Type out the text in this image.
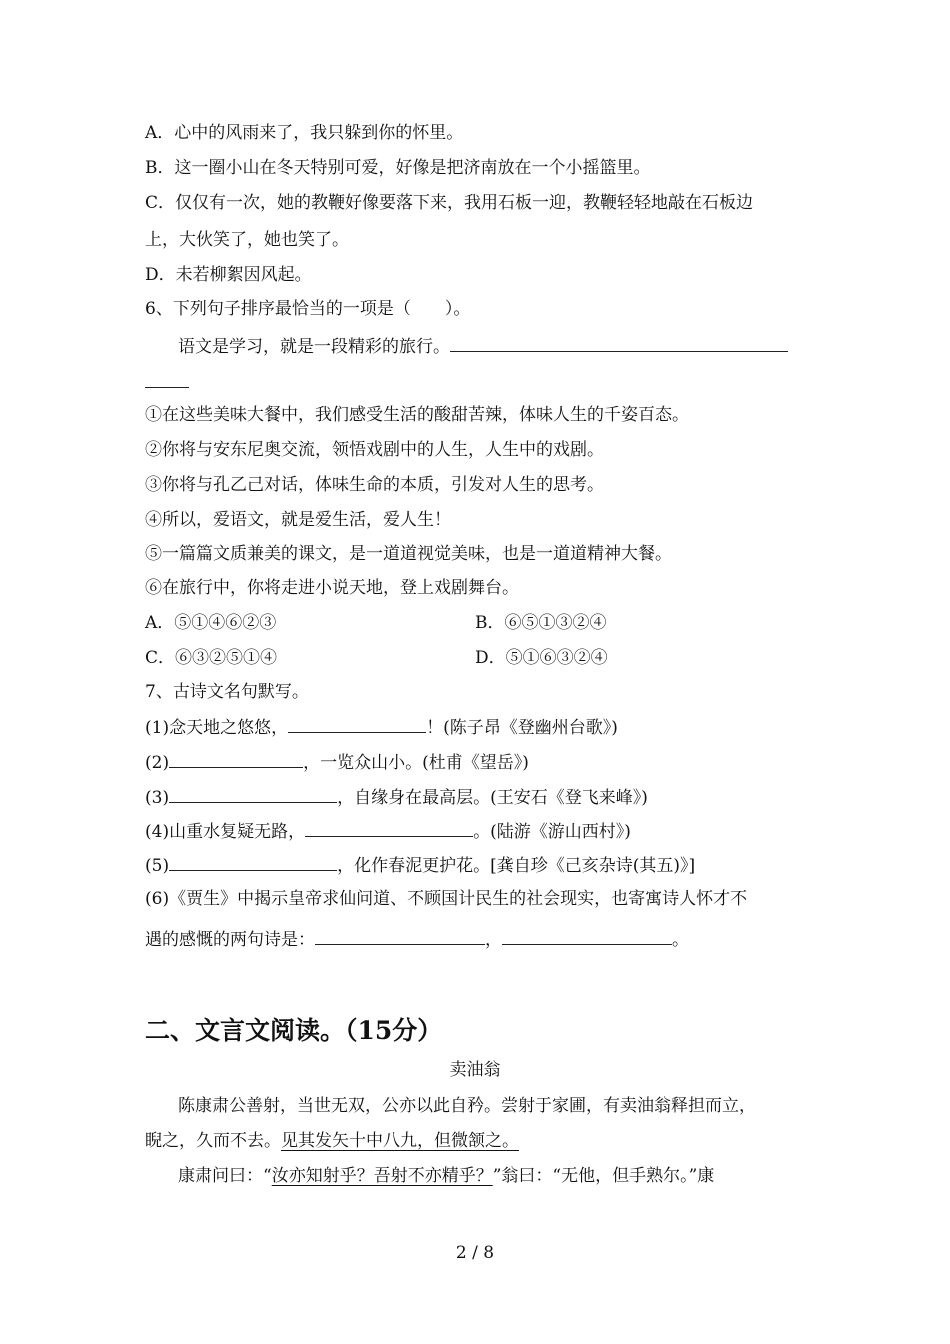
A．心中的风雨来了，我只躲到你的怀里。
B．这一圈小山在冬天特别可爱，好像是把济南放在一个小摇篮里。
C．仅仅有一次，她的教鞭好像要落下来，我用石板一迎，教鞭轻轻地敲在石板边
上，大伙笑了，她也笑了。
D．未若柳絮因风起。
6、下列句子排序最恰当的一项是（　　）。
语文是学习，就是一段精彩的旅行。
①在这些美味大餐中，我们感受生活的酸甜苦辣，体味人生的千姿百态。
②你将与安东尼奥交流，领悟戏剧中的人生，人生中的戏剧。
③你将与孔乙己对话，体味生命的本质，引发对人生的思考。
④所以，爱语文，就是爱生活，爱人生！
⑤一篇篇文质兼美的课文，是一道道视觉美味，也是一道道精神大餐。
⑥在旅行中，你将走进小说天地，登上戏剧舞台。
A．⑤①④⑥②③	B．⑥⑤①③②④
C．⑥③②⑤①④	D．⑤①⑥③②④
7、古诗文名句默写。
(1)念天地之悠悠，	！(陈子昂《登幽州台歌》)
(2)	，一览众山小。(杜甫《望岳》)
(3)	，自缘身在最高层。(王安石《登飞来峰》)
(4)山重水复疑无路，	。(陆游《游山西村》)
(5)	，化作春泥更护花。[龚自珍《己亥杂诗(其五)》]
(6)《贾生》中揭示皇帝求仙问道、不顾国计民生的社会现实，也寄寓诗人怀才不
遇的感慨的两句诗是：	，	。
二、文言文阅读。（15分）
卖油翁
陈康肃公善射，当世无双，公亦以此自矜。尝射于家圃，有卖油翁释担而立，
睨之，久而不去。见其发矢十中八九，但微颔之。
康肃问曰：“汝亦知射乎？吾射不亦精乎？”翁曰：“无他，但手熟尔。”康
2 / 8
